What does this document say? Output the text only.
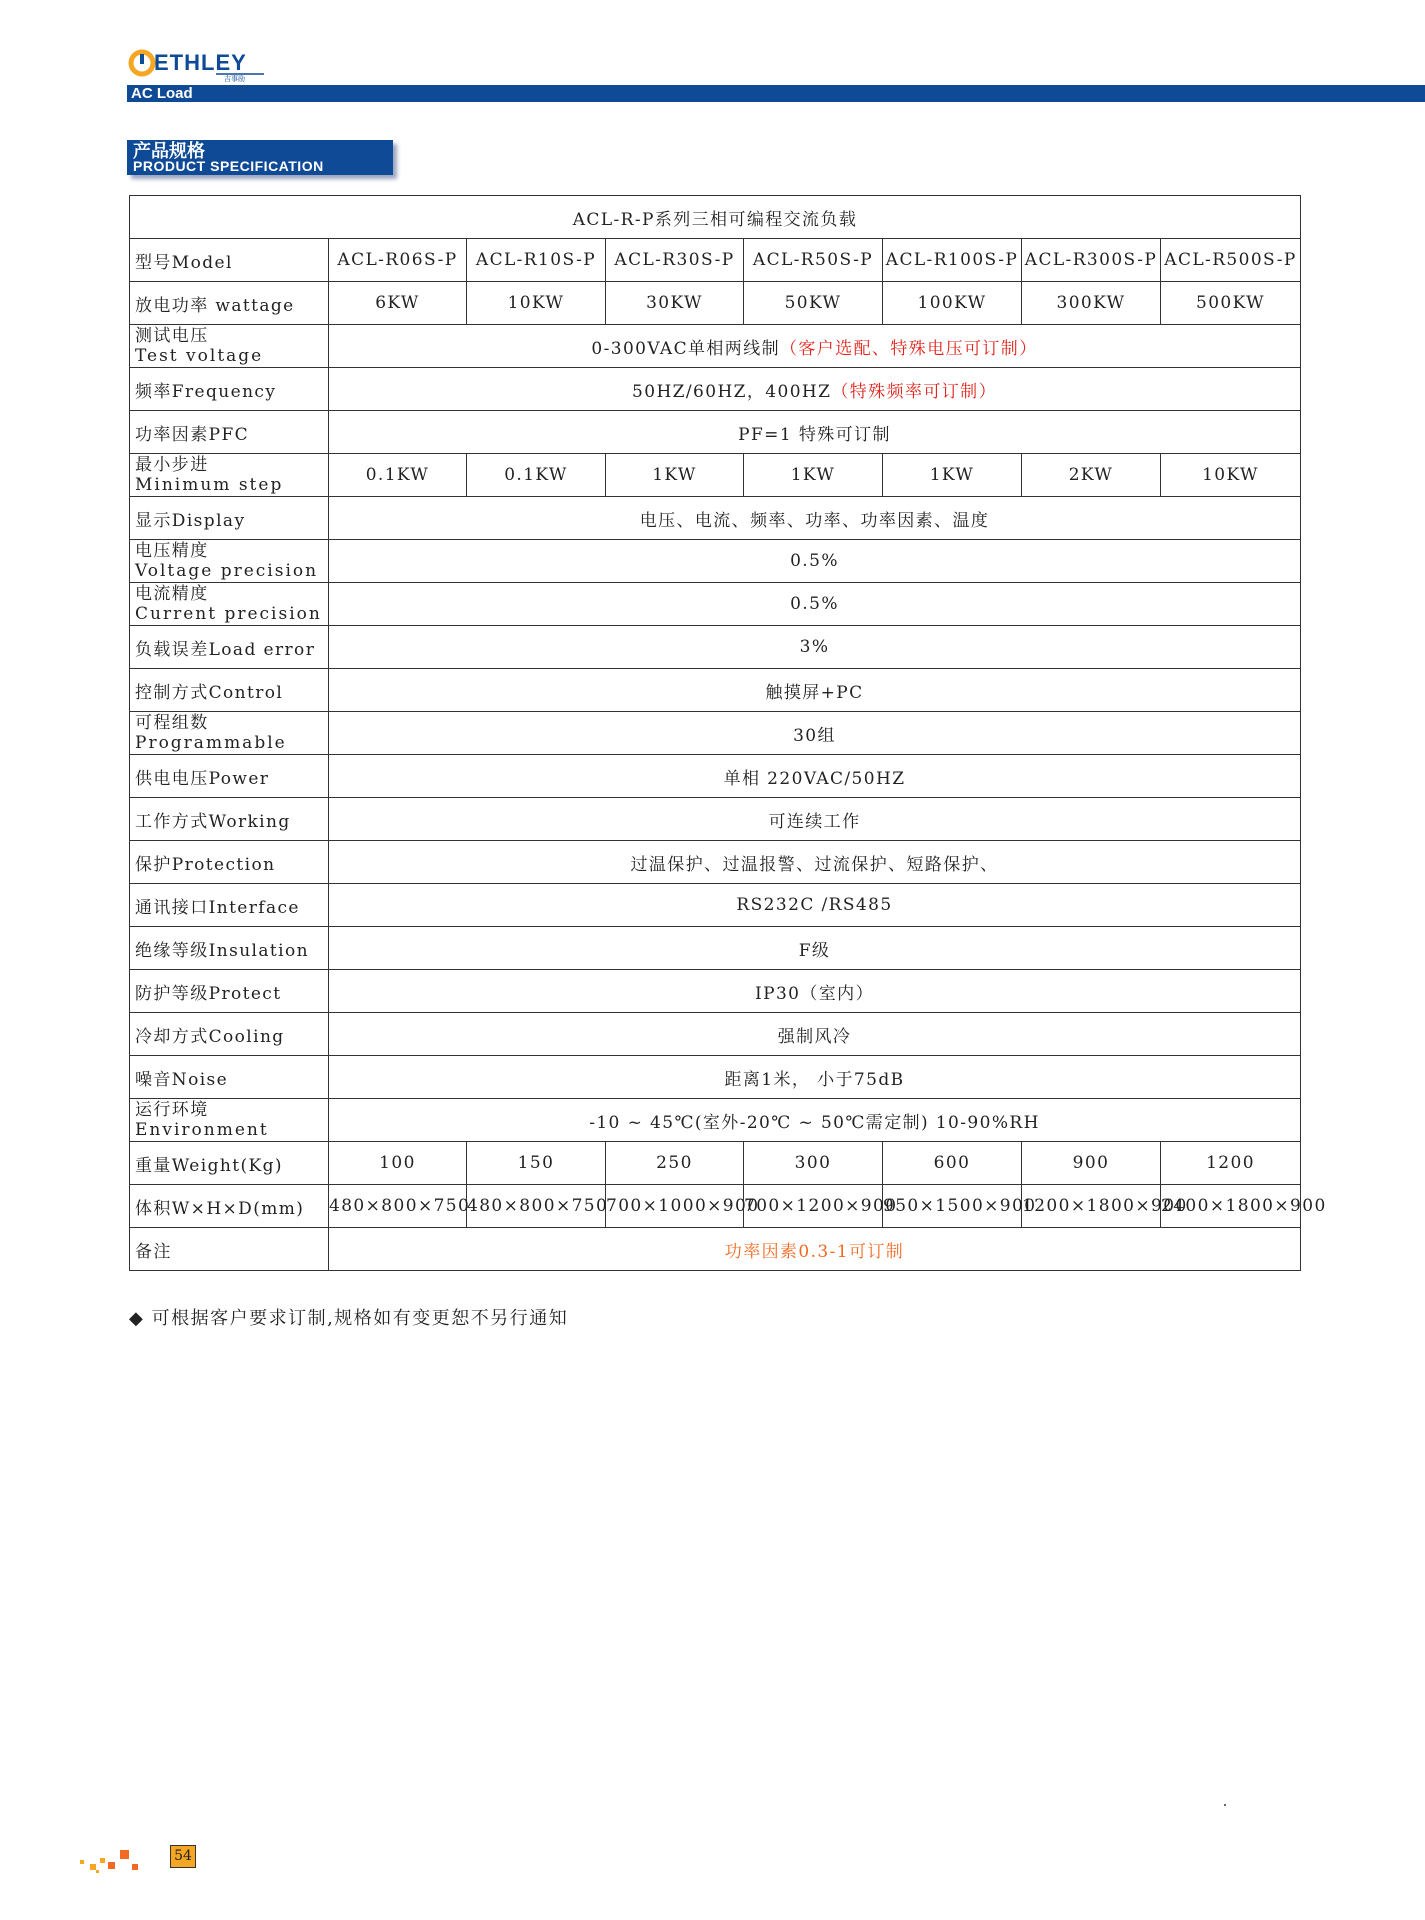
ETHLEY
吉事励
AC Load
产品规格
PRODUCT SPECIFICATION
ACL-R-P系列三相可编程交流负载							
型号Model	ACL-R06S-P	ACL-R10S-P	ACL-R30S-P	ACL-R50S-P	ACL-R100S-P	ACL-R300S-P	ACL-R500S-P
放电功率 wattage	6KW	10KW	30KW	50KW	100KW	300KW	500KW

测试电压
Test voltage	0-300VAC单相两线制（客户选配、特殊电压可订制）						
频率Frequency	50HZ/60HZ，400HZ（特殊频率可订制）						
功率因素PFC	PF=1 特殊可订制						

最小步进
Minimum step	0.1KW	0.1KW	1KW	1KW	1KW	2KW	10KW
显示Display	电压、电流、频率、功率、功率因素、温度						

电压精度
Voltage precision	0.5%						

电流精度
Current precision	0.5%						
负载误差Load error	3%						
控制方式Control	触摸屏+PC						

可程组数
Programmable	30组						
供电电压Power	单相 220VAC/50HZ						
工作方式Working	可连续工作						
保护Protection	过温保护、过温报警、过流保护、短路保护、						
通讯接口Interface	RS232C /RS485						
绝缘等级Insulation	F级						
防护等级Protect	IP30（室内）						
冷却方式Cooling	强制风冷						
噪音Noise	距离1米， 小于75dB						

运行环境
Environment	-10 ~ 45℃(室外-20℃ ~ 50℃需定制) 10-90%RH						
重量Weight(Kg)	100	150	250	300	600	900	1200
体积W×H×D(mm)	480×800×750	480×800×750	700×1000×900	700×1200×900	950×1500×900	1200×1800×900	2400×1800×900
备注	功率因素0.3-1可订制						
◆ 可根据客户要求订制,规格如有变更恕不另行通知
54
